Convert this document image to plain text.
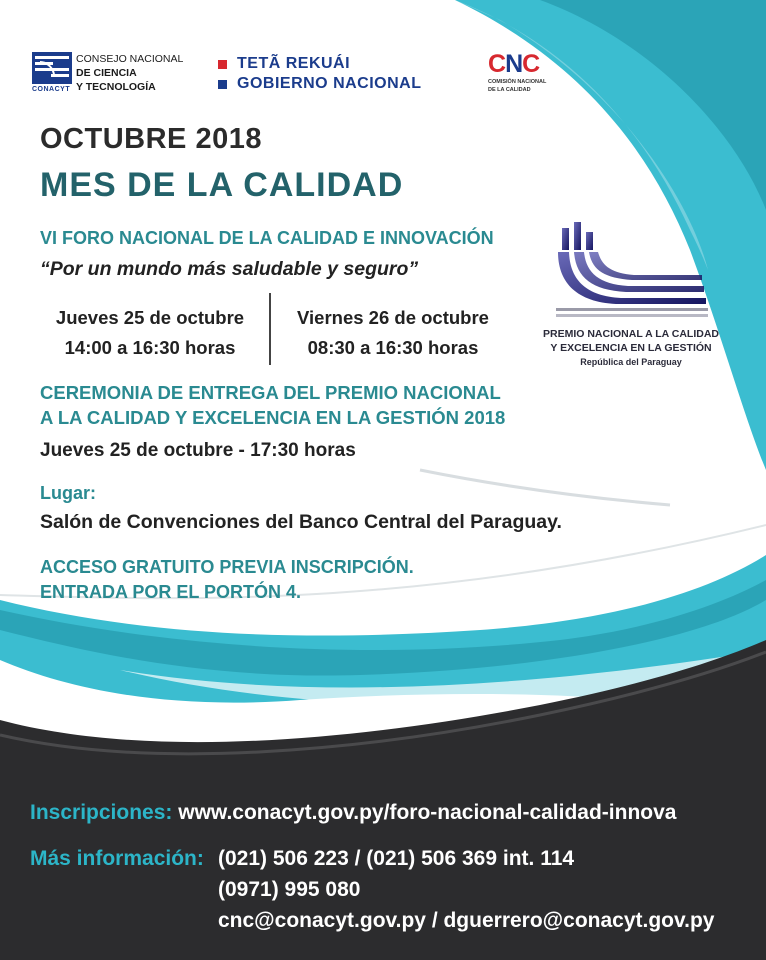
CONACYT
CONSEJO NACIONAL
DE CIENCIA
Y TECNOLOGÍA
TETÃ REKUÁI
GOBIERNO NACIONAL
CNC
COMISIÓN NACIONAL
DE LA CALIDAD
OCTUBRE 2018
MES DE LA CALIDAD
VI FORO NACIONAL DE LA CALIDAD E INNOVACIÓN
“Por un mundo más saludable y seguro”
Jueves 25 de octubre
14:00 a 16:30 horas
Viernes 26 de octubre
08:30 a 16:30 horas
PREMIO NACIONAL A LA CALIDAD
Y EXCELENCIA EN LA GESTIÓN
República del Paraguay
CEREMONIA DE ENTREGA DEL PREMIO NACIONAL
A LA CALIDAD Y EXCELENCIA EN LA GESTIÓN 2018
Jueves 25 de octubre - 17:30 horas
Lugar:
Salón de Convenciones del Banco Central del Paraguay.
ACCESO GRATUITO PREVIA INSCRIPCIÓN.
ENTRADA POR EL PORTÓN 4.
Inscripciones: www.conacyt.gov.py/foro-nacional-calidad-innova
Más información: (021) 506 223 / (021) 506 369 int. 114
(0971) 995 080
cnc@conacyt.gov.py / dguerrero@conacyt.gov.py
